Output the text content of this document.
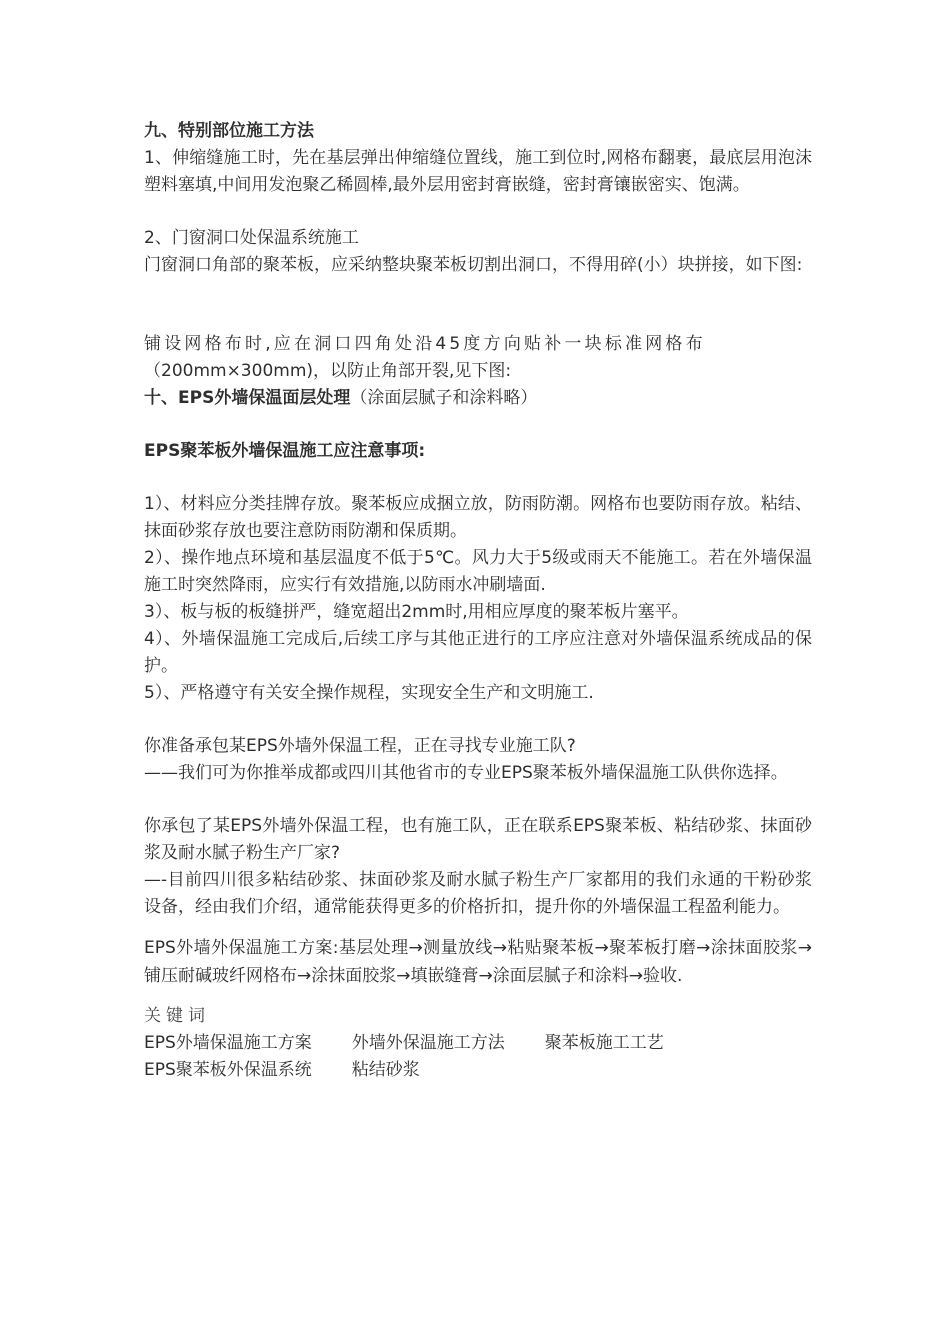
九、特别部位施工方法

1、伸缩缝施工时，先在基层弹出伸缩缝位置线，施工到位时,网格布翻裹，最底层用泡沫塑料塞填,中间用发泡聚乙稀圆棒,最外层用密封膏嵌缝，密封膏镶嵌密实、饱满。

2、门窗洞口处保温系统施工

门窗洞口角部的聚苯板，应采纳整块聚苯板切割出洞口，不得用碎(小）块拼接，如下图:

铺设网格布时,应在洞口四角处沿45度方向贴补一块标准网格布

（200mm×300mm)，以防止角部开裂,见下图:

十、EPS外墙保温面层处理（涂面层腻子和涂料略）

EPS聚苯板外墙保温施工应注意事项:

1）、材料应分类挂牌存放。聚苯板应成捆立放，防雨防潮。网格布也要防雨存放。粘结、抹面砂浆存放也要注意防雨防潮和保质期。

2）、操作地点环境和基层温度不低于5℃。风力大于5级或雨天不能施工。若在外墙保温施工时突然降雨，应实行有效措施,以防雨水冲刷墙面.

3）、板与板的板缝拼严，缝宽超出2mm时,用相应厚度的聚苯板片塞平。

4）、外墙保温施工完成后,后续工序与其他正进行的工序应注意对外墙保温系统成品的保护。

5）、严格遵守有关安全操作规程，实现安全生产和文明施工.

你准备承包某EPS外墙外保温工程，正在寻找专业施工队?

——我们可为你推举成都或四川其他省市的专业EPS聚苯板外墙保温施工队供你选择。

你承包了某EPS外墙外保温工程，也有施工队，正在联系EPS聚苯板、粘结砂浆、抹面砂浆及耐水腻子粉生产厂家?

—-目前四川很多粘结砂浆、抹面砂浆及耐水腻子粉生产厂家都用的我们永通的干粉砂浆设备，经由我们介绍，通常能获得更多的价格折扣，提升你的外墙保温工程盈利能力。

EPS外墙外保温施工方案:基层处理→测量放线→粘贴聚苯板→聚苯板打磨→涂抹面胶浆→铺压耐碱玻纤网格布→涂抹面胶浆→填嵌缝膏→涂面层腻子和涂料→验收.

关键词

EPS外墙保温施工方案 外墙外保温施工方法 聚苯板施工工艺EPS聚苯板外保温系统 粘结砂浆
